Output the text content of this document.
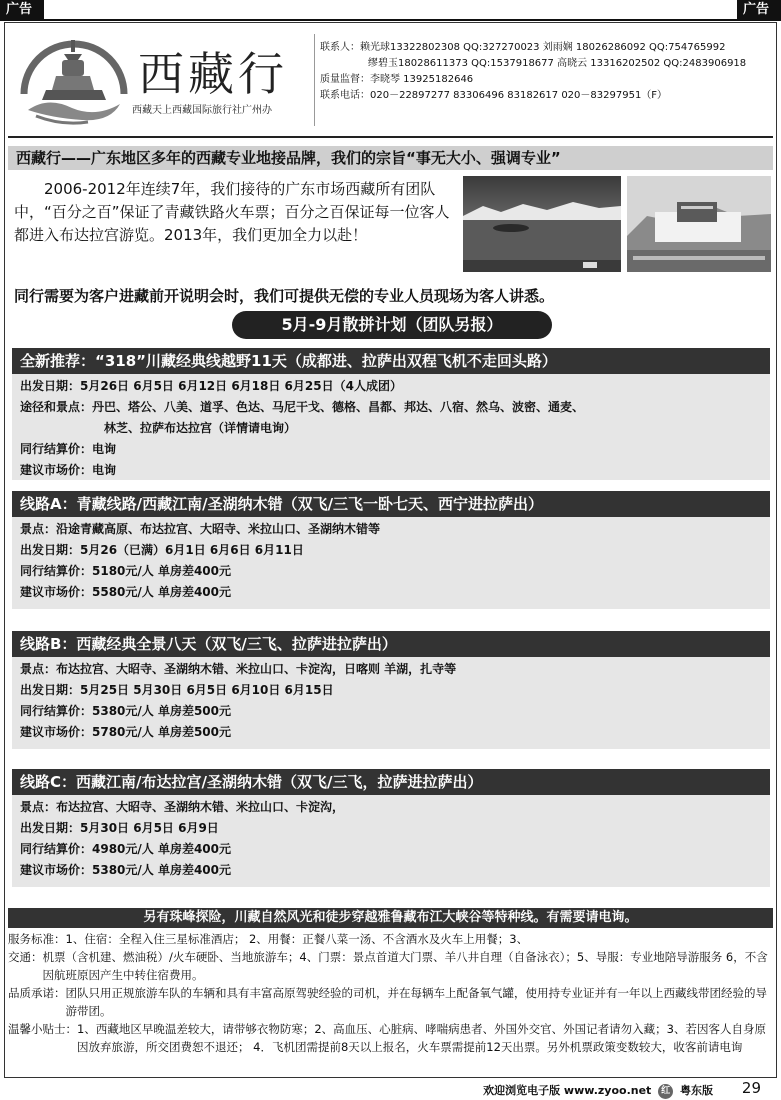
广告	广告
西藏行
西藏天上西藏国际旅行社广州办
联系人：赖光球13322802308 QQ:327270023 刘雨娴 18026286092 QQ:754765992
缪碧玉18028611373 QQ:1537918677 高晓云 13316202502 QQ:2483906918
质量监督：李晓琴 13925182646
联系电话：020－22897277 83306496 83182617 020－83297951（F）
西藏行——广东地区多年的西藏专业地接品牌，我们的宗旨“事无大小、强调专业”

2006-2012年连续7年，我们接待的广东市场西藏所有团队中，“百分之百”保证了青藏铁路火车票；百分之百保证每一位客人都进入布达拉宫游览。2013年，我们更加全力以赴！

同行需要为客户进藏前开说明会时，我们可提供无偿的专业人员现场为客人讲悉。
5月-9月散拼计划（团队另报）
全新推荐：“318”川藏经典线越野11天（成都进、拉萨出双程飞机不走回头路）
出发日期：5月26日 6月5日 6月12日 6月18日 6月25日（4人成团）
途径和景点：丹巴、塔公、八美、道孚、色达、马尼干戈、德格、昌都、邦达、八宿、然乌、波密、通麦、
林芝、拉萨布达拉宫（详情请电询）
同行结算价：电询
建议市场价：电询
线路A：青藏线路/西藏江南/圣湖纳木错（双飞/三飞一卧七天、西宁进拉萨出）
景点：沿途青藏高原、布达拉宫、大昭寺、米拉山口、圣湖纳木错等
出发日期：5月26（已满）6月1日 6月6日 6月11日
同行结算价：5180元/人 单房差400元
建议市场价：5580元/人 单房差400元
线路B：西藏经典全景八天（双飞/三飞、拉萨进拉萨出）
景点：布达拉宫、大昭寺、圣湖纳木错、米拉山口、卡淀沟，日喀则 羊湖，扎寺等
出发日期：5月25日 5月30日 6月5日 6月10日 6月15日
同行结算价：5380元/人 单房差500元
建议市场价：5780元/人 单房差500元
线路C：西藏江南/布达拉宫/圣湖纳木错（双飞/三飞，拉萨进拉萨出）
景点：布达拉宫、大昭寺、圣湖纳木错、米拉山口、卡淀沟，
出发日期：5月30日 6月5日 6月9日
同行结算价：4980元/人 单房差400元
建议市场价：5380元/人 单房差400元
另有珠峰探险，川藏自然风光和徒步穿越雅鲁藏布江大峡谷等特种线。有需要请电询。
服务标准： 1、住宿：全程入住三星标准酒店； 2、用餐：正餐八菜一汤、不含酒水及火车上用餐；3、
交通： 机票（含机建、燃油税）/火车硬卧、当地旅游车；4、门票：景点首道大门票、羊八井自理（自备泳衣）；5、导服：专业地陪导游服务 6，不含因航班原因产生中转住宿费用。
品质承诺： 团队只用正规旅游车队的车辆和具有丰富高原驾驶经验的司机，并在每辆车上配备氧气罐，使用持专业证并有一年以上西藏线带团经验的导游带团。
温馨小贴士： 1、西藏地区早晚温差较大，请带够衣物防寒；2、高血压、心脏病、哮喘病患者、外国外交官、外国记者请勿入藏；3、若因客人自身原因放弃旅游，所交团费恕不退还； 4．飞机团需提前8天以上报名，火车票需提前12天出票。另外机票政策变数较大，收客前请电询
欢迎浏览电子版 www.zyoo.net 红 粤东版 29
